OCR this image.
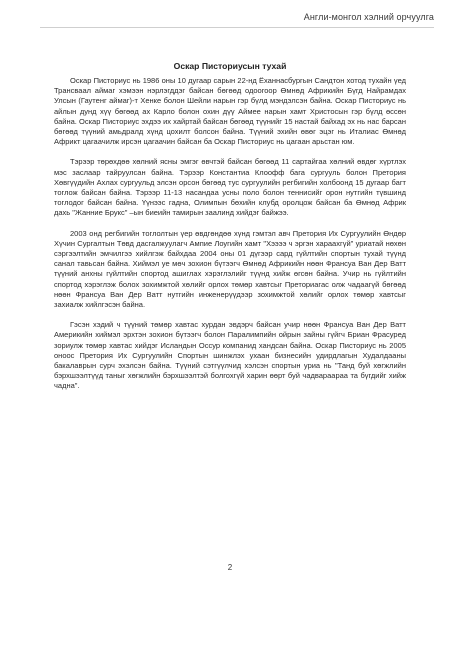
Англи-монгол хэлний орчуулга
Оскар Писториусын тухай

Оскар Писториус нь 1986 оны 10 дугаар сарын 22-нд Ёханнасбургын Сандтон хотод тухайн үед Трансваал аймаг хэмээн нэрлэгддэг байсан бөгөөд одоогоор Өмнөд Африкийн Бүгд Найрамдах Улсын (Гаутенг аймаг)-т Хенке болон Шейли нарын гэр бүлд мэндэлсэн байна. Оскар Писториус нь айлын дунд хүү бөгөөд ах Карло болон охин дүү Аймее нарын хамт Христосын гэр бүлд өссөн байна. Оскар Писториус эхдээ их хайртай байсан бөгөөд түүнийг 15 настай байхад эх нь нас барсан бөгөөд түүний амьдралд хүнд цохилт болсон байна. Түүний эхийн өвөг эцэг нь Италиас Өмнөд Африкт цагаачилж ирсэн цагаачин байсан ба Оскар Писториус нь цагаан арьстан юм.

Тэрээр төрөхдөө хөлний ясны эмгэг өвчтэй байсан бөгөөд 11 сартайгаа хөлний өвдөг хүртлэх мэс заслаар тайруулсан байна. Тэрээр Константиа Клоофф бага сургууль болон Претория Хөвгүүдийн Ахлах сургуульд элсэн орсон бөгөөд тус сургуулийн регбигийн холбоонд 15 дугаар багт тоглож байсан байна. Тэрээр 11-13 насандаа усны поло болон теннисийг орон нутгийн түвшинд тоглодог байсан байна. Үүнээс гадна, Олимпын бөхийн клубд оролцож байсан ба Өмнөд Африк дахь "Жанние Брукс" –ын биеийн тамирын заалинд хийдэг байжээ.

2003 онд регбигийн тоглолтын үер өвдгөндөө хүнд гэмтэл авч Претория Их Сургуулийн Өндөр Хүчин Сургалтын Төвд дасгалжуулагч Ампие Лоугийн хамт "Хээээ ч эргэн хараахгүй" уриатай нөхөн сэргээлтийн эмчилгээ хийлгэж байхдаа 2004 оны 01 дүгээр сард гүйлтийн спортын тухай түүнд санал тавьсан байна. Хиймэл уе мөч зохион бүтээгч Өмнөд Африкийн нөөн Франсуа Ван Дер Ватт түүний анхны гүйлтийн спортод ашиглах хэрэглэлийг түүнд хийж өгсөн байна. Учир нь гүйлтийн спортод хэрэглэж болох зохимжтой хөлийг орлох төмөр хавтсыг Преториагас олж чадаагүй бөгөөд нөөн Франсуа Ван Дер Ватт нутгийн инженерүүдээр зохимжтой хөлийг орлох төмөр хавтсыг захиалж хийлгэсэн байна.

Гэсэн хэдий ч түүний төмөр хавтас хурдан эвдэрч байсан учир нөөн Франсуа Ван Дер Ватт Америкийн хиймэл эрхтэн зохион бүтээгч болон Паралимпийн ойрын зайны гүйгч Бриан Фрасуред зориулж төмөр хавтас хийдэг Исландын Оссур компанид хандсан байна. Оскар Писториус нь 2005 оноос Претория Их Сургуулийн Спортын шинжлэх ухаан бизнесийн удирдлагын Худалдааны бакалаврын сурч эхэлсэн байна. Түүний сэтгүүлчид хэлсэн спортын уриа нь "Танд буй хөгжлийн бэрхшээлтүүд таныг хөгжлийн бэрхшээлтэй болгохгүй харин өөрт буй чадвараараа та бүгдийг хийж чадна".

2
